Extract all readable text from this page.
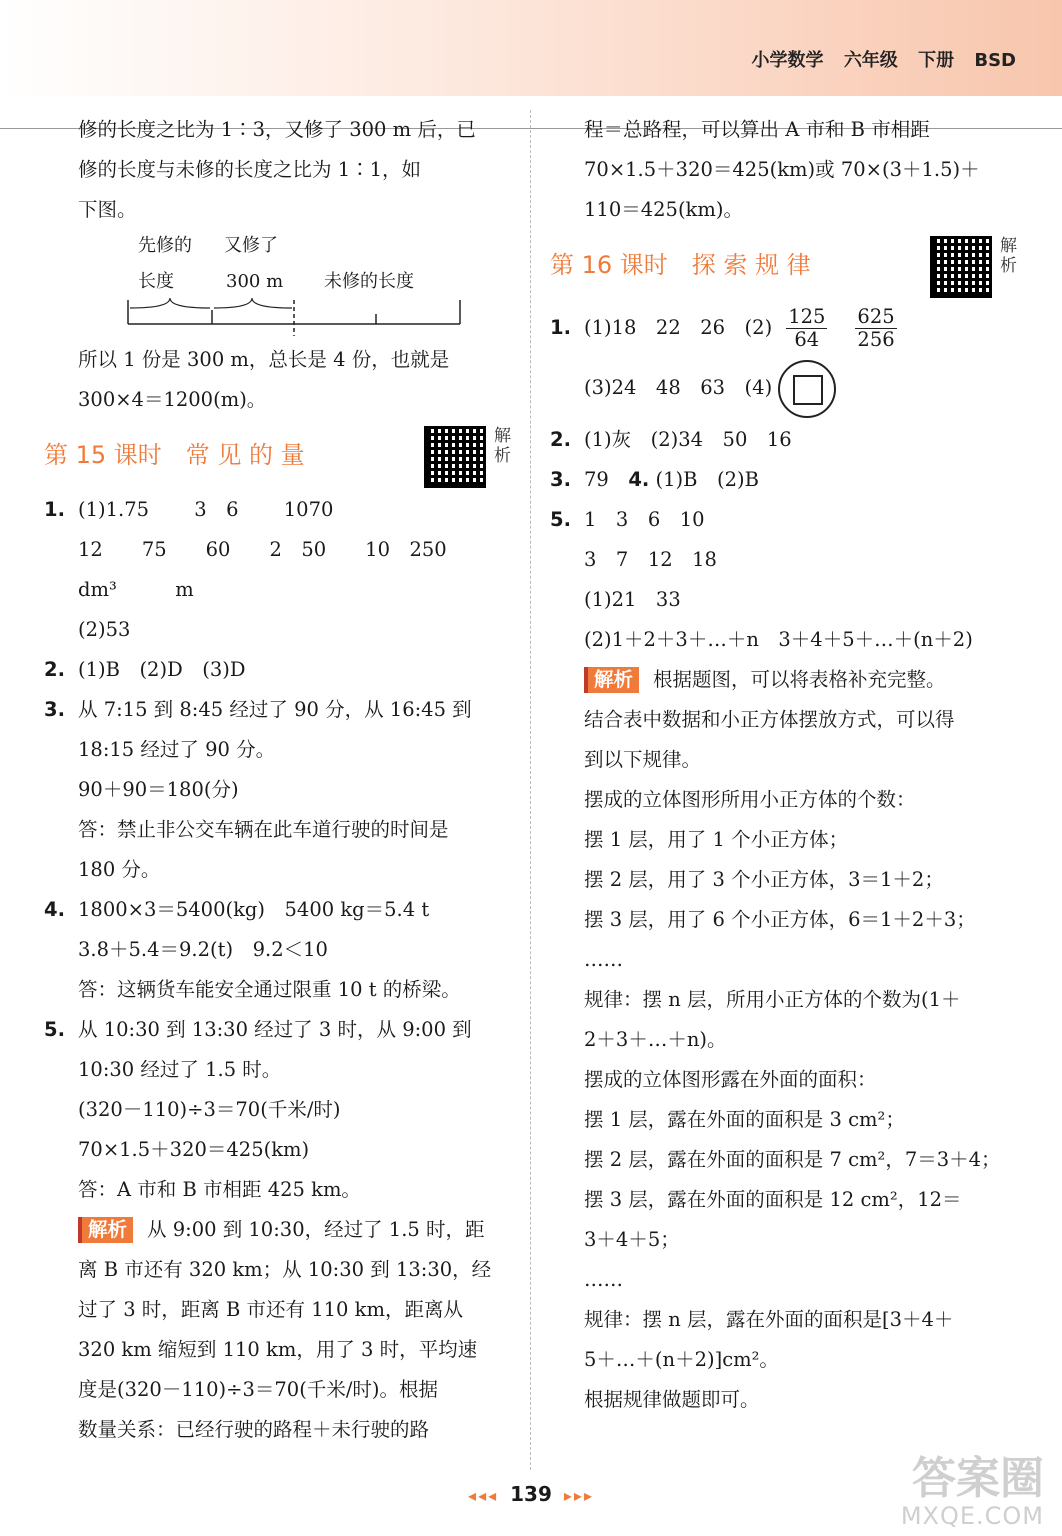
小学数学 六年级 下册 BSD
修的长度之比为 1∶3，又修了 300 m 后，已
修的长度与未修的长度之比为 1∶1，如
下图。
先修的
长度
又修了
300 m 未修的长度
所以 1 份是 300 m，总长是 4 份，也就是
300×4＝1200(m)。
第 15 课时　常 见 的 量
解析
1. (1)1.75　　 3　6　　 1070
12　　75　　60　　2　50　　10　250
dm³　　　m
(2)53
2. (1)B　(2)D　(3)D
3. 从 7:15 到 8:45 经过了 90 分，从 16:45 到
18:15 经过了 90 分。
90＋90＝180(分)
答：禁止非公交车辆在此车道行驶的时间是
180 分。
4. 1800×3＝5400(kg)　5400 kg＝5.4 t
3.8＋5.4＝9.2(t)　9.2＜10
答：这辆货车能安全通过限重 10 t 的桥梁。
5. 从 10:30 到 13:30 经过了 3 时，从 9:00 到
10:30 经过了 1.5 时。
(320－110)÷3＝70(千米/时)
70×1.5＋320＝425(km)
答：A 市和 B 市相距 425 km。
解析 从 9:00 到 10:30，经过了 1.5 时，距
离 B 市还有 320 km；从 10:30 到 13:30，经
过了 3 时，距离 B 市还有 110 km，距离从
320 km 缩短到 110 km，用了 3 时，平均速
度是(320－110)÷3＝70(千米/时)。根据
数量关系：已经行驶的路程＋未行驶的路
程＝总路程，可以算出 A 市和 B 市相距
70×1.5＋320＝425(km)或 70×(3＋1.5)＋
110＝425(km)。
第 16 课时　探 索 规 律
解析
1. (1)18　22　26　$(2) \frac{125}{64} \frac{625}{256}$
(3)24　48　63　(4)
2. (1)灰　(2)34　50　16
3. 79　4. (1)B　(2)B
5. 1　3　6　10
3　7　12　18
(1)21　33
(2)1＋2＋3＋…＋n　3＋4＋5＋…＋(n＋2)
解析 根据题图，可以将表格补充完整。
结合表中数据和小正方体摆放方式，可以得
到以下规律。
摆成的立体图形所用小正方体的个数：
摆 1 层，用了 1 个小正方体；
摆 2 层，用了 3 个小正方体，3＝1＋2；
摆 3 层，用了 6 个小正方体，6＝1＋2＋3；
……
规律：摆 n 层，所用小正方体的个数为(1＋
2＋3＋…＋n)。
摆成的立体图形露在外面的面积：
摆 1 层，露在外面的面积是 3 cm²；
摆 2 层，露在外面的面积是 7 cm²，7＝3＋4；
摆 3 层，露在外面的面积是 12 cm²，12＝
3＋4＋5；
……
规律：摆 n 层，露在外面的面积是[3＋4＋
5＋…＋(n＋2)]cm²。
根据规律做题即可。
◂◂◂ 139 ▸▸▸	答案圈
MXQE.COM
